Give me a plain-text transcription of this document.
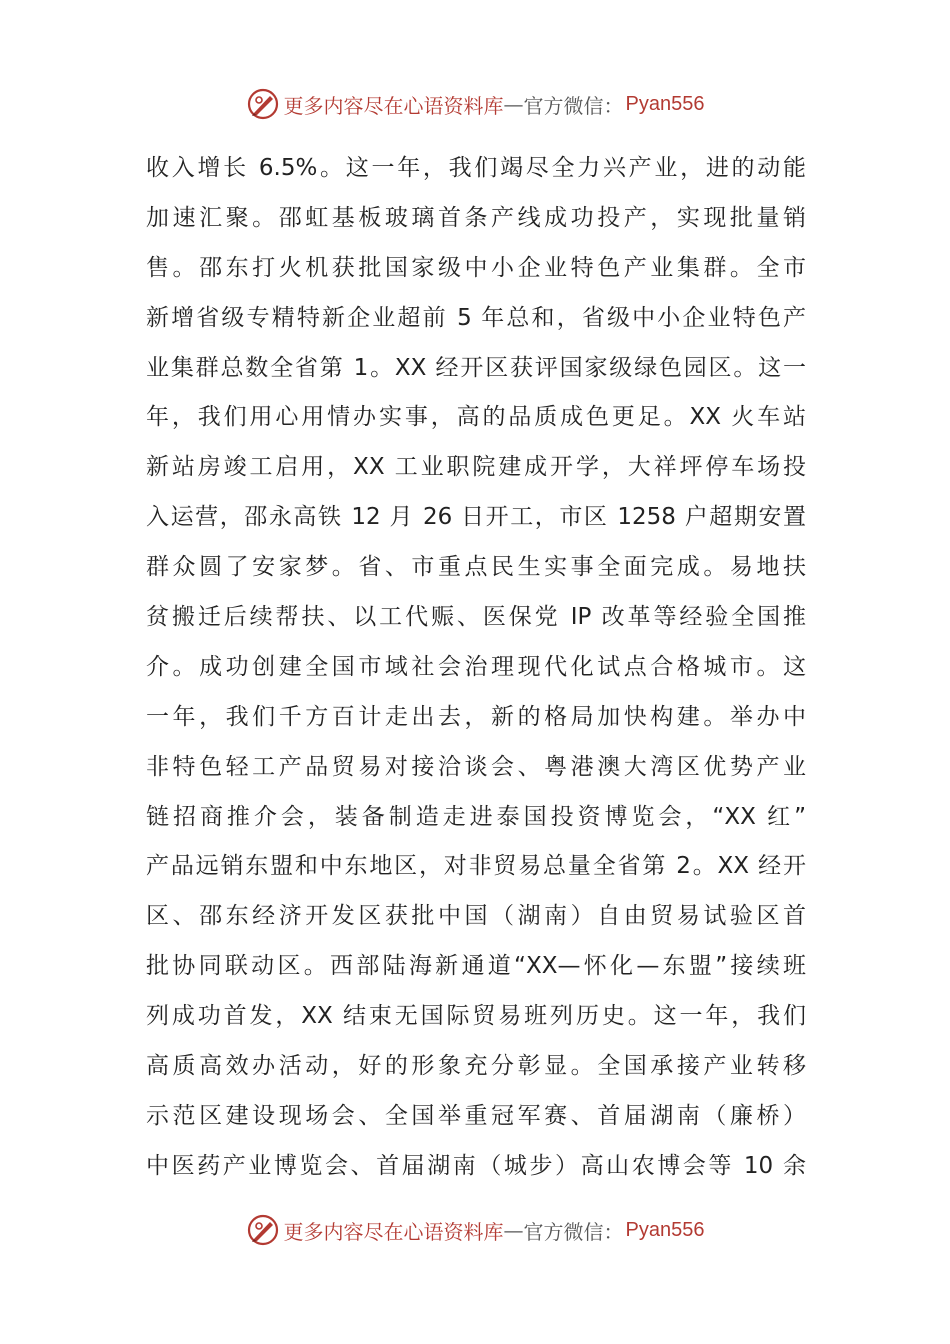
更多内容尽在心语资料库 — 官方微信： Pyan556
收入增长 6.5%。这一年，我们竭尽全力兴产业，进的动能
加速汇聚。邵虹基板玻璃首条产线成功投产，实现批量销
售。邵东打火机获批国家级中小企业特色产业集群。全市
新增省级专精特新企业超前 5 年总和，省级中小企业特色产
业集群总数全省第 1。XX 经开区获评国家级绿色园区。这一
年，我们用心用情办实事，高的品质成色更足。XX 火车站
新站房竣工启用，XX 工业职院建成开学，大祥坪停车场投
入运营，邵永高铁 12 月 26 日开工，市区 1258 户超期安置
群众圆了安家梦。省、市重点民生实事全面完成。易地扶
贫搬迁后续帮扶、以工代赈、医保党 IP 改革等经验全国推
介。成功创建全国市域社会治理现代化试点合格城市。这
一年，我们千方百计走出去，新的格局加快构建。举办中
非特色轻工产品贸易对接洽谈会、粤港澳大湾区优势产业
链招商推介会，装备制造走进泰国投资博览会，“XX 红”
产品远销东盟和中东地区，对非贸易总量全省第 2。XX 经开
区、邵东经济开发区获批中国（湖南）自由贸易试验区首
批协同联动区。西部陆海新通道“XX—怀化—东盟”接续班
列成功首发，XX 结束无国际贸易班列历史。这一年，我们
高质高效办活动，好的形象充分彰显。全国承接产业转移
示范区建设现场会、全国举重冠军赛、首届湖南（廉桥）
中医药产业博览会、首届湖南（城步）高山农博会等 10 余
更多内容尽在心语资料库 — 官方微信： Pyan556
